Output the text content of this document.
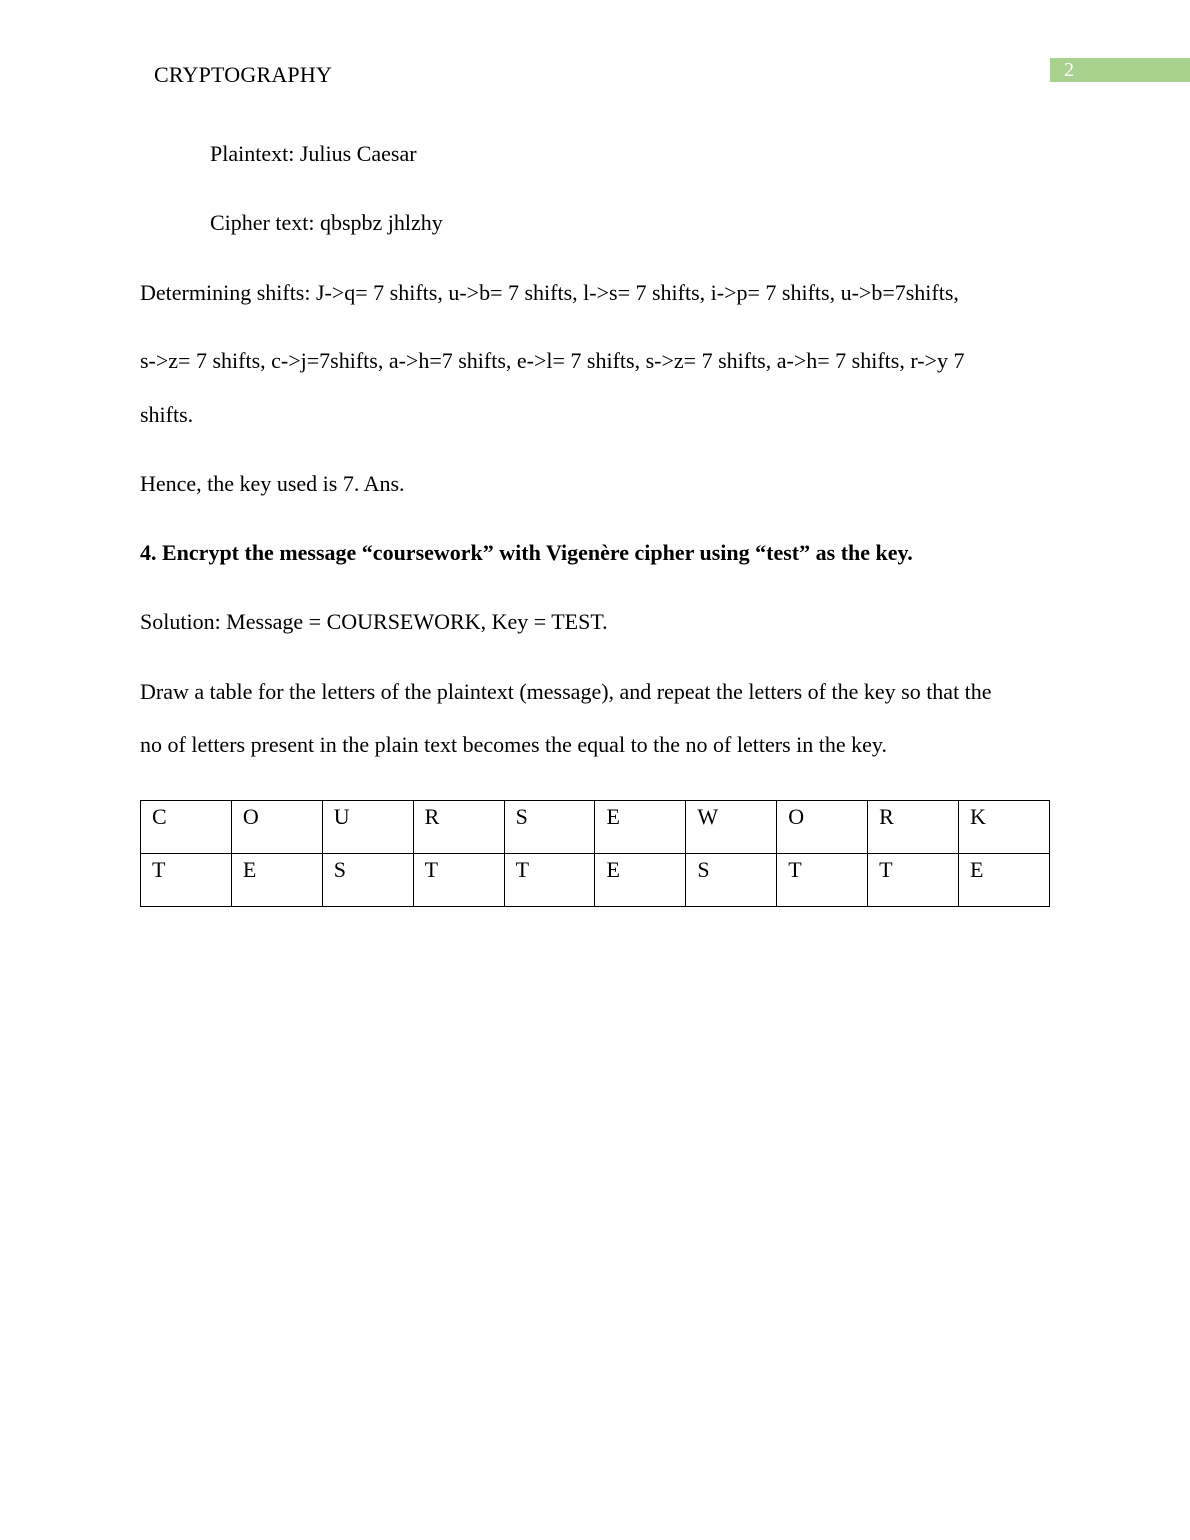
CRYPTOGRAPHY	2
Plaintext: Julius Caesar
Cipher text: qbspbz jhlzhy
Determining shifts: J->q= 7 shifts, u->b= 7 shifts, l->s= 7 shifts, i->p= 7 shifts, u->b=7shifts,
s->z= 7 shifts, c->j=7shifts, a->h=7 shifts, e->l= 7 shifts, s->z= 7 shifts, a->h= 7 shifts, r->y 7
shifts.
Hence, the key used is 7. Ans.
4. Encrypt the message “coursework” with Vigenère cipher using “test” as the key.
Solution: Message = COURSEWORK, Key = TEST.
Draw a table for the letters of the plaintext (message), and repeat the letters of the key so that the
no of letters present in the plain text becomes the equal to the no of letters in the key.
C	O	U	R	S	E	W	O	R	K

T	E	S	T	T	E	S	T	T	E
